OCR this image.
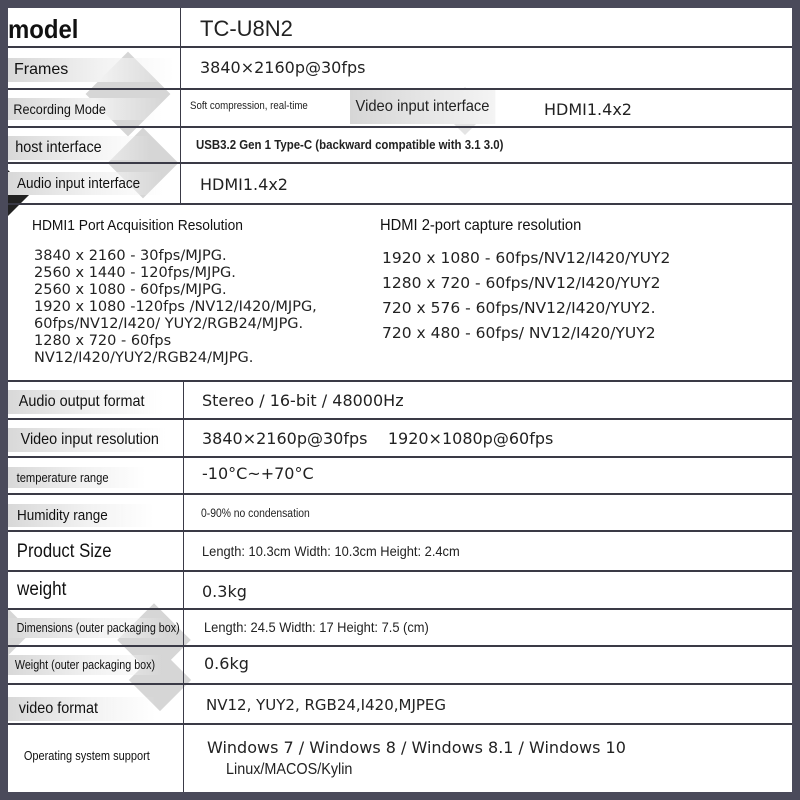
model	TC-U8N2
Frames	3840×2160p@30fps
Recording Mode	Soft compression, real-time	Video input interface	HDMI1.4x2
host interface	USB3.2 Gen 1 Type-C (backward compatible with 3.1 3.0)
Audio input interface	HDMI1.4x2
HDMI1 Port Acquisition Resolution
3840 x 2160 - 30fps/MJPG.
2560 x 1440 - 120fps/MJPG.
2560 x 1080 - 60fps/MJPG.
1920 x 1080 -120fps /NV12/I420/MJPG,
60fps/NV12/I420/ YUY2/RGB24/MJPG.
1280 x 720 - 60fps
NV12/I420/YUY2/RGB24/MJPG.
HDMI 2-port capture resolution
1920 x 1080 - 60fps/NV12/I420/YUY2
1280 x 720 - 60fps/NV12/I420/YUY2
720 x 576 - 60fps/NV12/I420/YUY2.
720 x 480 - 60fps/ NV12/I420/YUY2
Audio output format	Stereo / 16-bit / 48000Hz
Video input resolution	3840×2160p@30fps    1920×1080p@60fps
temperature range	-10°C~+70°C
Humidity range	0-90% no condensation
Product Size	Length: 10.3cm Width: 10.3cm Height: 2.4cm
weight	0.3kg
Dimensions (outer packaging box) Length: 24.5 Width: 17 Height: 7.5 (cm)
Weight (outer packaging box)	0.6kg
video format	NV12, YUY2, RGB24,I420,MJPEG
Operating system support	Windows 7 / Windows 8 / Windows 8.1 / Windows 10
Linux/MACOS/Kylin
